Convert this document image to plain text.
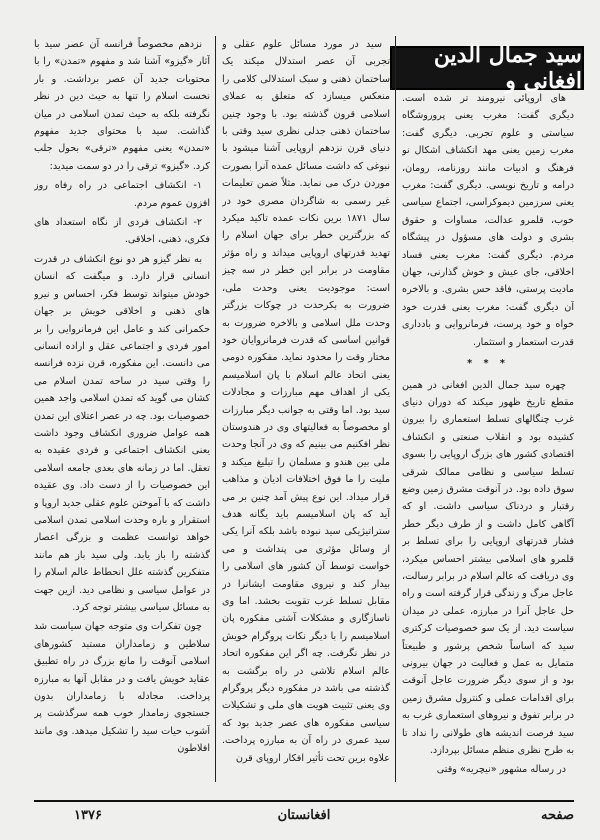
سید جمال الدین افغانی و

های اروپائی نیرومند تر شده است. دیگری گفت: مغرب یعنی پروروشگاه سیاستی و علوم تجربی. دیگری گفت: مغرب زمین یعنی مهد انکشاف اشکال نو فرهنگ و ادبیات مانند روزنامه، رومان، درامه و تاریخ نویسی. دیگری گفت: مغرب یعنی سرزمین دیموکراسی، اجتماع سیاسی خوب، قلمرو عدالت، مساوات و حقوق بشری و دولت های مسؤول در پیشگاه مردم. دیگری گفت: مغرب یعنی فساد اخلاقی، جای عیش و خوش گذارنی، جهان مادیت پرستی، فاقد حس بشری. و بالاخره آن دیگری گفت: مغرب یعنی قدرت خود خواه و خود پرست، فرمانروایی و بادداری قدرت استعمار و استثمار.

* * *

چهره سید جمال الدین افغانی در همین مقطع تاریخ ظهور میکند که دوران دنیای غرب چنگالهای تسلط استعماری را بیرون کشیده بود و انقلاب صنعتی و انکشاف اقتصادی کشور های بزرگ اروپایی را بسوی تسلط سیاسی و نظامی ممالک شرقی سوق داده بود. در آنوقت مشرق زمین وضع رقتبار و دردناک سیاسی داشت. او که آگاهی کامل داشت و از طرف دیگر خطر فشار قدرتهای اروپایی را برای تسلط بر قلمرو های اسلامی بیشتر احساس میکرد، وی دریافت که عالم اسلام در برابر رسالت، عاجل مرگ و زندگی قرار گرفته است و راه حل عاجل آنرا در مبارزه، عملی در میدان سیاست دید. از یک سو خصوصیات کرکتری سید که اساساً شخص پرشور و طبیعتاً متمایل به عمل و فعالیت در جهان بیرونی بود و از سوی دیگر ضرورت عاجل آنوقت برای اقدامات عملی و کنترول مشرق زمین در برابر تفوق و نیروهای استعماری غرب به سید فرصت انديشه های طولانی را نداد تا به طرح نظری منظم مسائل بپردازد.

در رساله مشهور «نیچریه» وقتی

سید در مورد مسائل علوم عقلی و تجربی آن عصر استدلال میکند یک ساختمان ذهنی و سبک استدلالی کلامی را منعکس میسازد که متعلق به عملای اسلامی قرون گذشته بود. با وجود چنین ساختمان ذهنی جدلی نظری سید وقتی با دنیای قرن نزدهم اروپایی آشنا میشود با نبوغی که داشت مسائل عمده آنرا بصورت موردن درک می نماید. مثلاً ضمن تعلیمات غیر رسمی به شاگردان مصری خود در سال ۱۸۷۱ برین نکات عمده تاکید میکرد که بزرگترین خطر برای جهان اسلام را تهدید قدرتهای اروپایی میداند و راه مؤثر مقاومت در برابر این خطر در سه چیز است: موجودیت یعنی وحدت ملی، ضرورت به بکرحدت در چوکات بزرگتر وحدت ملل اسلامی و بالاخره ضرورت به قوانین اساسی که قدرت فرمانروایان خود مختار وقت را محدود نماید. مفکوره دومی یعنی اتحاد عالم اسلام با پان اسلامیسم یکی از اهداف مهم مبارزات و مجادلات سید بود. اما وقتی به جوانب دیگر مبارزات او مخصوصاً به فعالیتهای وی در هندوستان نظر افکنیم می بینیم که وی در آنجا وحدت ملی بین هندو و مسلمان را تبلیغ میکند و ملیت را ما فوق اختلافات ادیان و مذاهب قرار میداد. این نوع پیش آمد چنین بر می آید که پان اسلامیسم باید یگانه هدف ستراتیژیکی سید نبوده باشد بلکه آنرا یکی از وسائل مؤثری می پنداشت و می خواست توسط آن کشور های اسلامی را بیدار کند و نیروی مقاومت ایشانرا در مقابل تسلط غرب تقویت بخشد. اما وی ناسازگاری و مشکلات آشتی مفکوره پان اسلامیسم را با دیگر نکات پروگرام خویش در نظر نگرفت. چه اگر این مفکوره اتحاد عالم اسلام تلاشی در راه برگشت به گذشته می باشد در مفکوره دیگر پروگرام وی یعنی تثبیت هویت های ملی و تشکیلات سیاسی مفکوره های عصر جدید بود که سید عمری در راه آن به مبارزه پرداخت. علاوه برین تحت تأثیر افکار اروپای قرن

نزدهم مخصوصاً فرانسه آن عصر سید با آثار «گیزو» آشنا شد و مفهوم «تمدن» را با محتویات جدید آن عصر برداشت. و بار نخست اسلام را تنها به حیث دین در نظر نگرفته بلکه به حیث تمدن اسلامی در میان گذاشت. سید با محتوای جدید مفهوم «تمدن» یعنی مفهوم «ترقی» بحول جلب کرد. «گیزو» ترقی را در دو سمت میدید:

۱- انکشاف اجتماعی در راه رفاه روز افزون عموم مردم.

۲- انکشاف فردی از نگاه استعداد های فکری، ذهنی، اخلاقی.

به نظر گیزو هر دو نوع انکشاف در قدرت انسانی قرار دارد. و میگفت که انسان خودش میتواند توسط فکر، احساس و نیرو های ذهنی و اخلاقی خویش بر جهان حکمرانی کند و عامل این فرمانروایی را بر امور فردی و اجتماعی عقل و اراده انسانی می دانست. این مفکوره، قرن نزده فرانسه را وقتی سید در ساحه تمدن اسلام می کشان می گوید که تمدن اسلامی واجد همین خصوصیات بود. چه در عصر اعتلای این تمدن همه عوامل ضروری انکشاف وجود داشت یعنی انکشاف اجتماعی و فردی عقیده به تعقل. اما در زمانه های بعدی جامعه اسلامی این خصوصیات را از دست داد. وی عقیده داشت که با آموختن علوم عقلی جدید اروپا و استقرار و باره وحدت اسلامی تمدن اسلامی خواهد توانست عظمت و بزرگی اعصار گذشته را باز یابد. ولی سید باز هم مانند متفکرین گذشته علل انحطاط عالم اسلام را در عوامل سیاسی و نظامی دید. ازین جهت به مسائل سیاسی بیشتر توجه کرد.

چون تفکرات وی متوجه جهان سیاست شد سلاطین و زمامداران مستبد کشورهای اسلامی آنوقت را مانع بزرگ در راه تطبیق عقاید خویش یافت و در مقابل آنها به مبارزه پرداخت. مجادله با زمامداران بدون جستجوی زمامدار خوب همه سرگذشت پر آشوب حیات سید را تشکیل میدهد. وی مانند افلاطون

صفحه
افغانستان
۱۳۷۶
